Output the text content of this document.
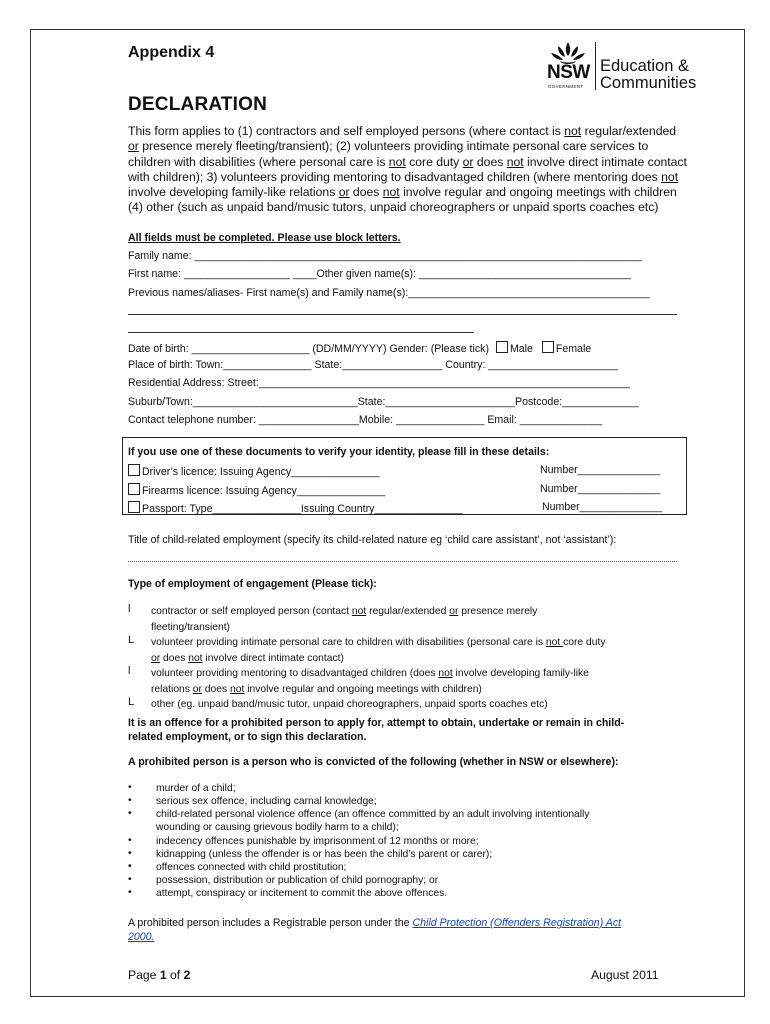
Appendix 4
DECLARATION
NSW
GOVERNMENT
Education &
Communities
This form applies to (1) contractors and self employed persons (where contact is not regular/extended or presence merely fleeting/transient); (2) volunteers providing intimate personal care services to children with disabilities (where personal care is not core duty or does not involve direct intimate contact with children); 3) volunteers providing mentoring to disadvantaged children (where mentoring does not involve developing family-like relations or does not involve regular and ongoing meetings with children (4) other (such as unpaid band/music tutors, unpaid choreographers or unpaid sports coaches etc)
All fields must be completed. Please use block letters.
Family name: ____________________________________________________________________________
First name: __________________ ____Other given name(s): ____________________________________
Previous names/aliases- First name(s) and Family name(s):_________________________________________
Date of birth: ____________________ (DD/MM/YYYY) Gender: (Please tick) Male Female
Place of birth: Town:_______________ State:_________________ Country: ______________________
Residential Address: Street:_______________________________________________________________
Suburb/Town:____________________________State:______________________Postcode:_____________
Contact telephone number: _________________Mobile: _______________ Email: ______________
If you use one of these documents to verify your identity, please fill in these details:
Driver’s licence: Issuing Agency_______________	Number______________
Firearms licence: Issuing Agency_______________	Number______________
Passport: Type_______________Issuing Country_______________	Number______________
Title of child-related employment (specify its child-related nature eg ‘child care assistant’, not ‘assistant’):
Type of employment of engagement (Please tick):
l contractor or self employed person (contact not regular/extended or presence merely
fleeting/transient)
L volunteer providing intimate personal care to children with disabilities (personal care is not core duty
or does not involve direct intimate contact)
l volunteer providing mentoring to disadvantaged children (does not involve developing family-like
relations or does not involve regular and ongoing meetings with children)
L other (eg. unpaid band/music tutor, unpaid choreographers, unpaid sports coaches etc)
It is an offence for a prohibited person to apply for, attempt to obtain, undertake or remain in child-
related employment, or to sign this declaration.
A prohibited person is a person who is convicted of the following (whether in NSW or elsewhere):
• murder of a child;
• serious sex offence, including carnal knowledge;
• child-related personal violence offence (an offence committed by an adult involving intentionally
wounding or causing grievous bodily harm to a child);
• indecency offences punishable by imprisonment of 12 months or more;
• kidnapping (unless the offender is or has been the child’s parent or carer);
• offences connected with child prostitution;
• possession, distribution or publication of child pornography; or
• attempt, conspiracy or incitement to commit the above offences.
A prohibited person includes a Registrable person under the Child Protection (Offenders Registration) Act
2000.
Page 1 of 2	August 2011
